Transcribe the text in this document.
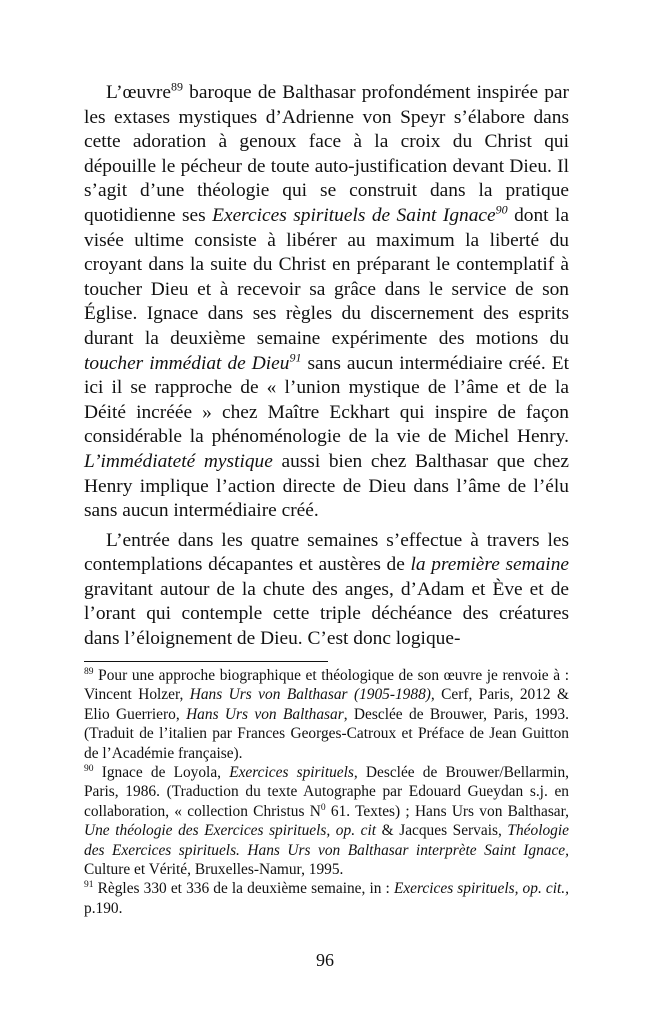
L’œuvre$^{89}$ baroque de Balthasar profondément inspirée par les extases mystiques d’Adrienne von Speyr s’élabore dans cette adoration à genoux face à la croix du Christ qui dépouille le pécheur de toute auto-justification devant Dieu. Il s’agit d’une théologie qui se construit dans la pratique quotidienne ses Exercices spirituels de Saint Ignace$^{90}$ dont la visée ultime consiste à libérer au maximum la liberté du croyant dans la suite du Christ en préparant le contemplatif à toucher Dieu et à recevoir sa grâce dans le service de son Église. Ignace dans ses règles du discernement des esprits durant la deuxième semaine expérimente des motions du toucher immédiat de Dieu$^{91}$ sans aucun intermédiaire créé. Et ici il se rapproche de « l’union mystique de l’âme et de la Déité incréée » chez Maître Eckhart qui inspire de façon considérable la phénoménologie de la vie de Michel Henry. L’immédiateté mystique aussi bien chez Balthasar que chez Henry implique l’action directe de Dieu dans l’âme de l’élu sans aucun intermédiaire créé.

L’entrée dans les quatre semaines s’effectue à travers les contemplations décapantes et austères de la première semaine gravitant autour de la chute des anges, d’Adam et Ève et de l’orant qui contemple cette triple déchéance des créatures dans l’éloignement de Dieu. C’est donc logique-

$^{89}$ Pour une approche biographique et théologique de son œuvre je renvoie à : Vincent Holzer, Hans Urs von Balthasar (1905-1988), Cerf, Paris, 2012 & Elio Guerriero, Hans Urs von Balthasar, Desclée de Brouwer, Paris, 1993. (Traduit de l’italien par Frances Georges-Catroux et Préface de Jean Guitton de l’Académie française).

$^{90}$ Ignace de Loyola, Exercices spirituels, Desclée de Brouwer/Bellarmin, Paris, 1986. (Traduction du texte Autographe par Edouard Gueydan s.j. en collaboration, « collection Christus $N^0$ 61. Textes) ; Hans Urs von Balthasar, Une théologie des Exercices spirituels, op. cit & Jacques Servais, Théologie des Exercices spirituels. Hans Urs von Balthasar interprète Saint Ignace, Culture et Vérité, Bruxelles-Namur, 1995.

$^{91}$ Règles 330 et 336 de la deuxième semaine, in : Exercices spirituels, op. cit., p.190.

96
